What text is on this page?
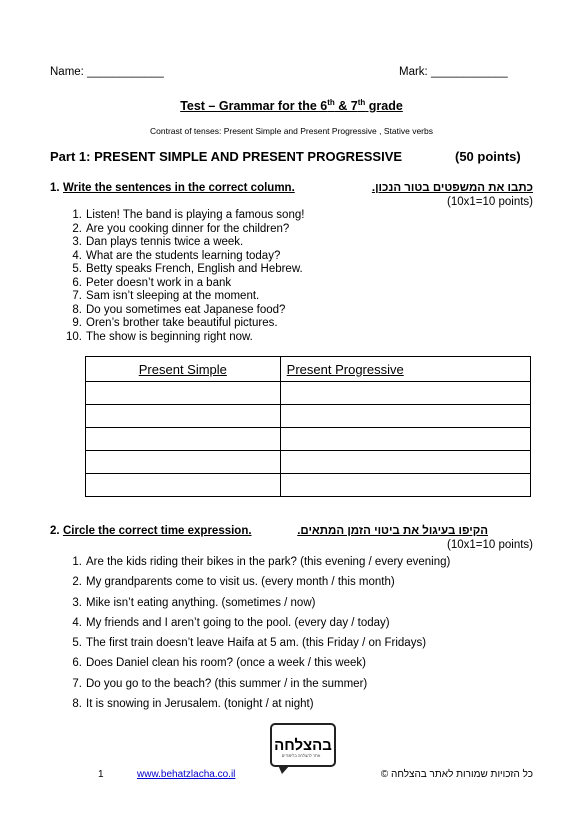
Name: ____________	Mark: ____________
Test – Grammar for the 6th & 7th grade
Contrast of tenses: Present Simple and Present Progressive , Stative verbs
Part 1: PRESENT SIMPLE AND PRESENT PROGRESSIVE	(50 points)
1. Write the sentences in the correct column.	כתבו את המשפטים בטור הנכון.
(10x1=10 points)
1. Listen! The band is playing a famous song!
2. Are you cooking dinner for the children?
3. Dan plays tennis twice a week.
4. What are the students learning today?
5. Betty speaks French, English and Hebrew.
6. Peter doesn’t work in a bank
7. Sam isn’t sleeping at the moment.
8. Do you sometimes eat Japanese food?
9. Oren’s brother take beautiful pictures.
10. The show is beginning right now.
Present Simple	Present Progressive

2. Circle the correct time expression.	הקיפו בעיגול את ביטוי הזמן המתאים.
(10x1=10 points)
1. Are the kids riding their bikes in the park? (this evening / every evening)
2. My grandparents come to visit us. (every month / this month)
3. Mike isn’t eating anything. (sometimes / now)
4. My friends and I aren’t going to the pool. (every day / today)
5. The first train doesn’t leave Haifa at 5 am. (this Friday / on Fridays)
6. Does Daniel clean his room? (once a week / this week)
7. Do you go to the beach? (this summer / in the summer)
8. It is snowing in Jerusalem. (tonight / at night)
בהצלחה
אתר להצלחה בלימודים
1	www.behatzlacha.co.il	כל הזכויות שמורות לאתר בהצלחה ©
